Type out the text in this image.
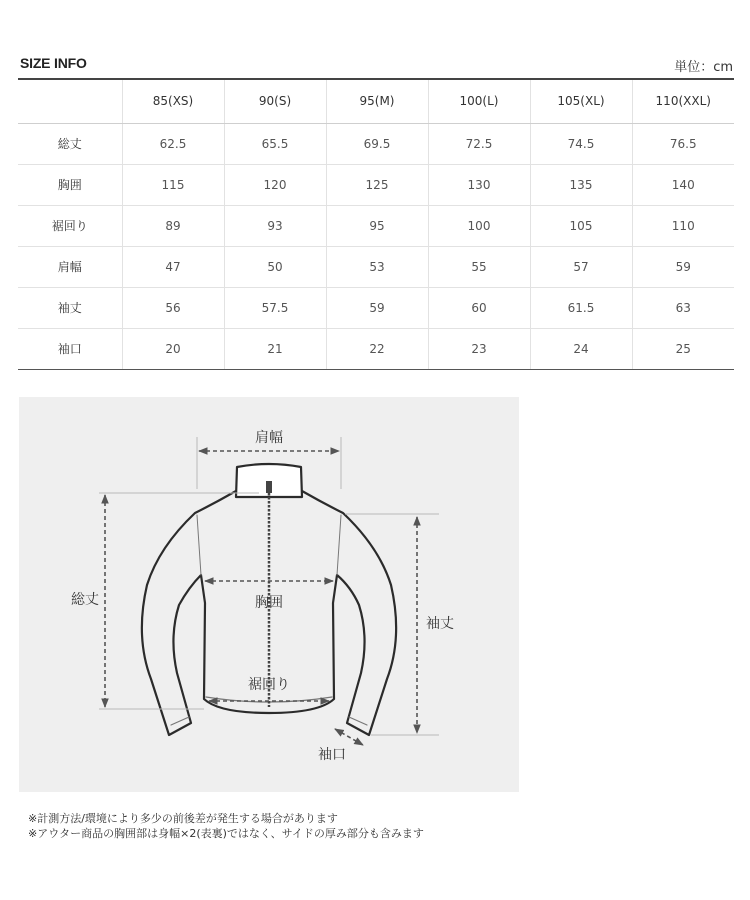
SIZE INFO	単位：cm
	85(XS)	90(S)	95(M)	100(L)	105(XL)	110(XXL)
総丈	62.5	65.5	69.5	72.5	74.5	76.5
胸囲	115	120	125	130	135	140
裾回り	89	93	95	100	105	110
肩幅	47	50	53	55	57	59
袖丈	56	57.5	59	60	61.5	63
袖口	20	21	22	23	24	25
肩幅
総丈	胸囲
袖丈
裾回り
袖口
※計測方法/環境により多少の前後差が発生する場合があります
※アウター商品の胸囲部は身幅×2(表裏)ではなく、サイドの厚み部分も含みます
